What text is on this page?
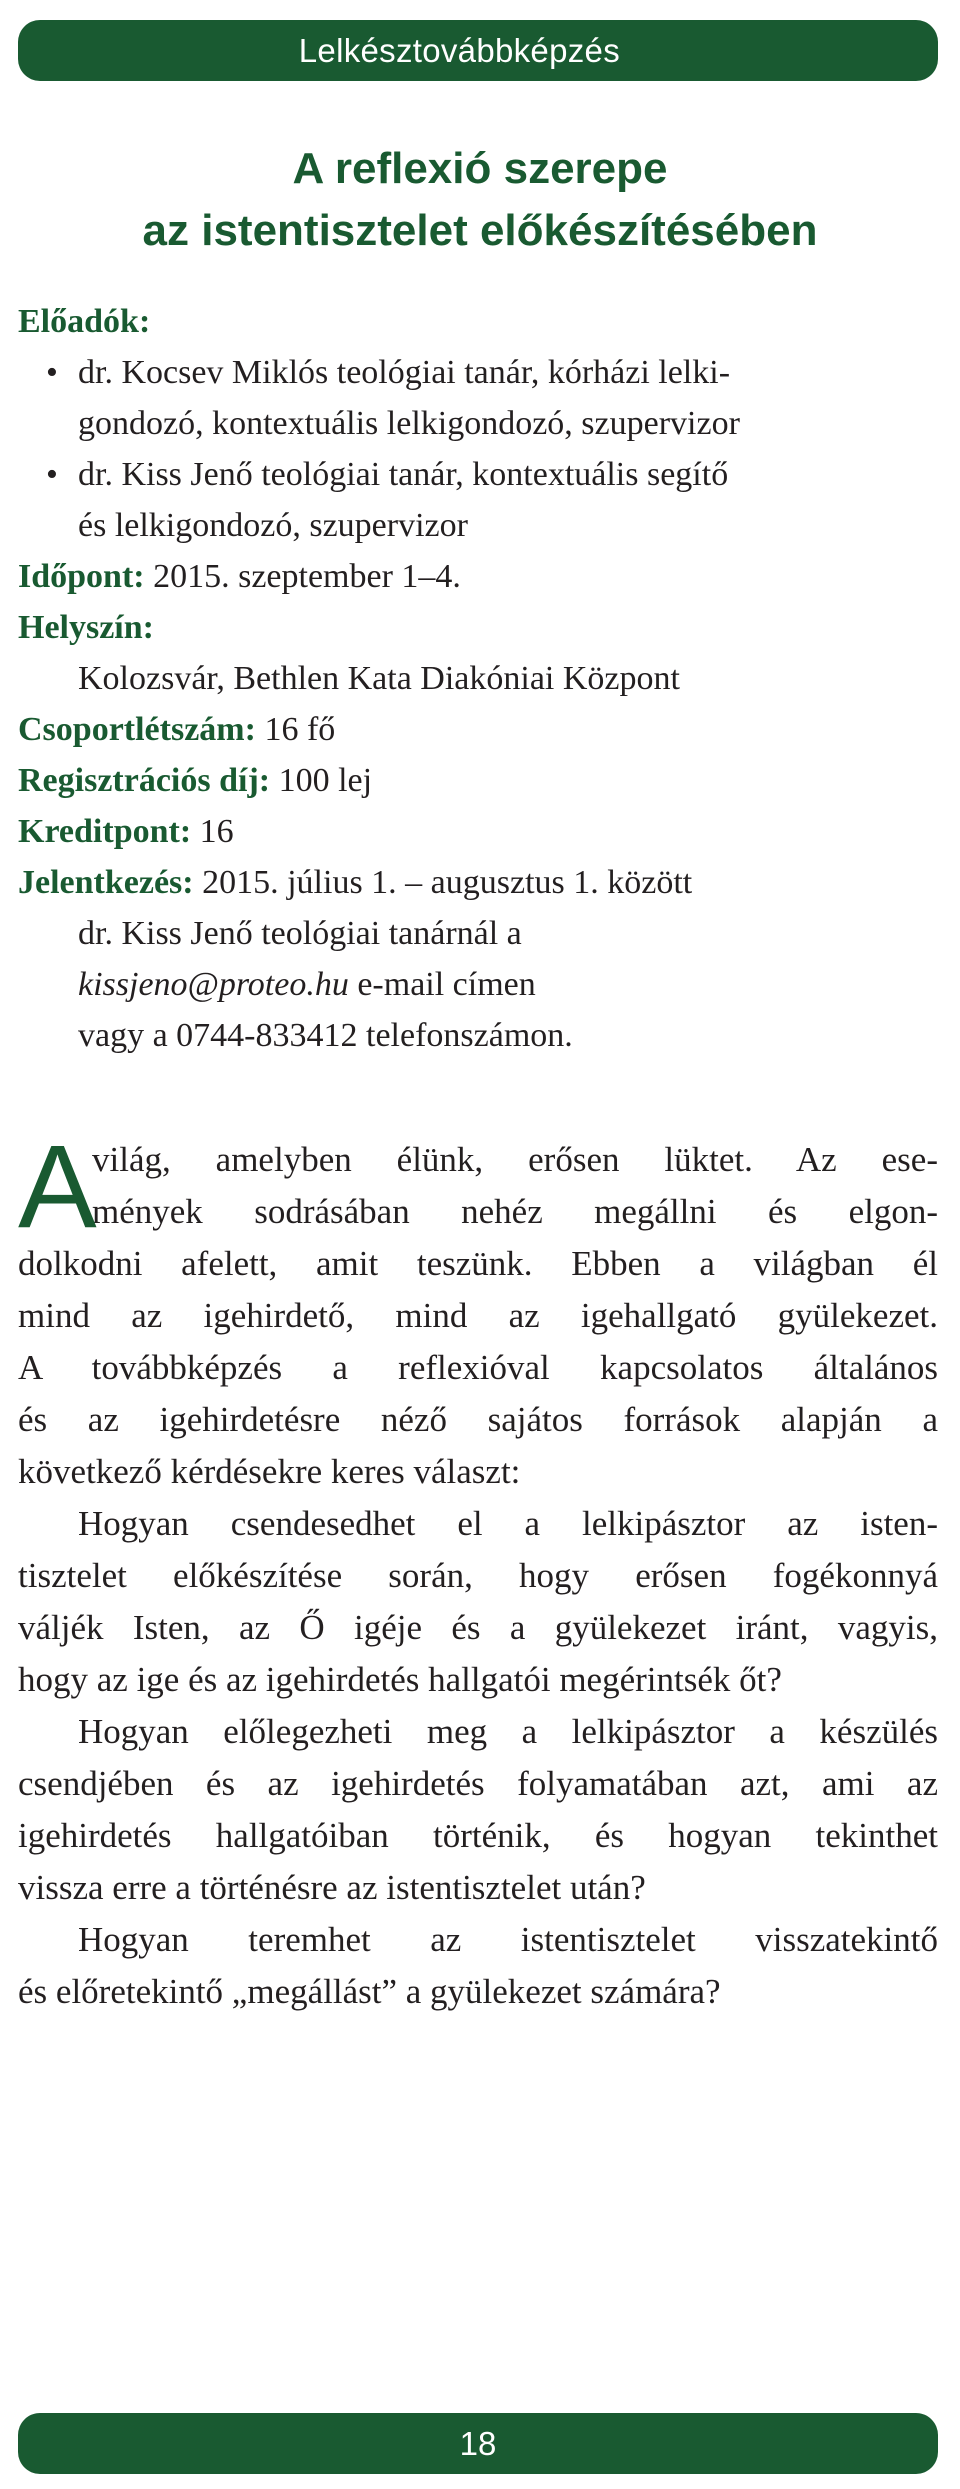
Lelkésztovábbképzés
A reflexió szerepe
az istentisztelet előkészítésében
Előadók:
• dr. Kocsev Miklós teológiai tanár, kórházi lelki-
gondozó, kontextuális lelkigondozó, szupervizor
• dr. Kiss Jenő teológiai tanár, kontextuális segítő
és lelkigondozó, szupervizor
Időpont: 2015. szeptember 1–4.
Helyszín:
Kolozsvár, Bethlen Kata Diakóniai Központ
Csoportlétszám: 16 fő
Regisztrációs díj: 100 lej
Kreditpont: 16
Jelentkezés: 2015. július 1. – augusztus 1. között
dr. Kiss Jenő teológiai tanárnál a
kissjeno@proteo.hu e-mail címen
vagy a 0744-833412 telefonszámon.
A
világ, amelyben élünk, erősen lüktet. Az ese-
mények sodrásában nehéz megállni és elgon-
dolkodni afelett, amit teszünk. Ebben a világban él
mind az igehirdető, mind az igehallgató gyülekezet.
A továbbképzés a reflexióval kapcsolatos általános
és az igehirdetésre néző sajátos források alapján a
következő kérdésekre keres választ:
Hogyan csendesedhet el a lelkipásztor az isten-
tisztelet előkészítése során, hogy erősen fogékonnyá
váljék Isten, az Ő igéje és a gyülekezet iránt, vagyis,
hogy az ige és az igehirdetés hallgatói megérintsék őt?
Hogyan előlegezheti meg a lelkipásztor a készülés
csendjében és az igehirdetés folyamatában azt, ami az
igehirdetés hallgatóiban történik, és hogyan tekinthet
vissza erre a történésre az istentisztelet után?
Hogyan teremhet az istentisztelet visszatekintő
és előretekintő „megállást” a gyülekezet számára?
18
